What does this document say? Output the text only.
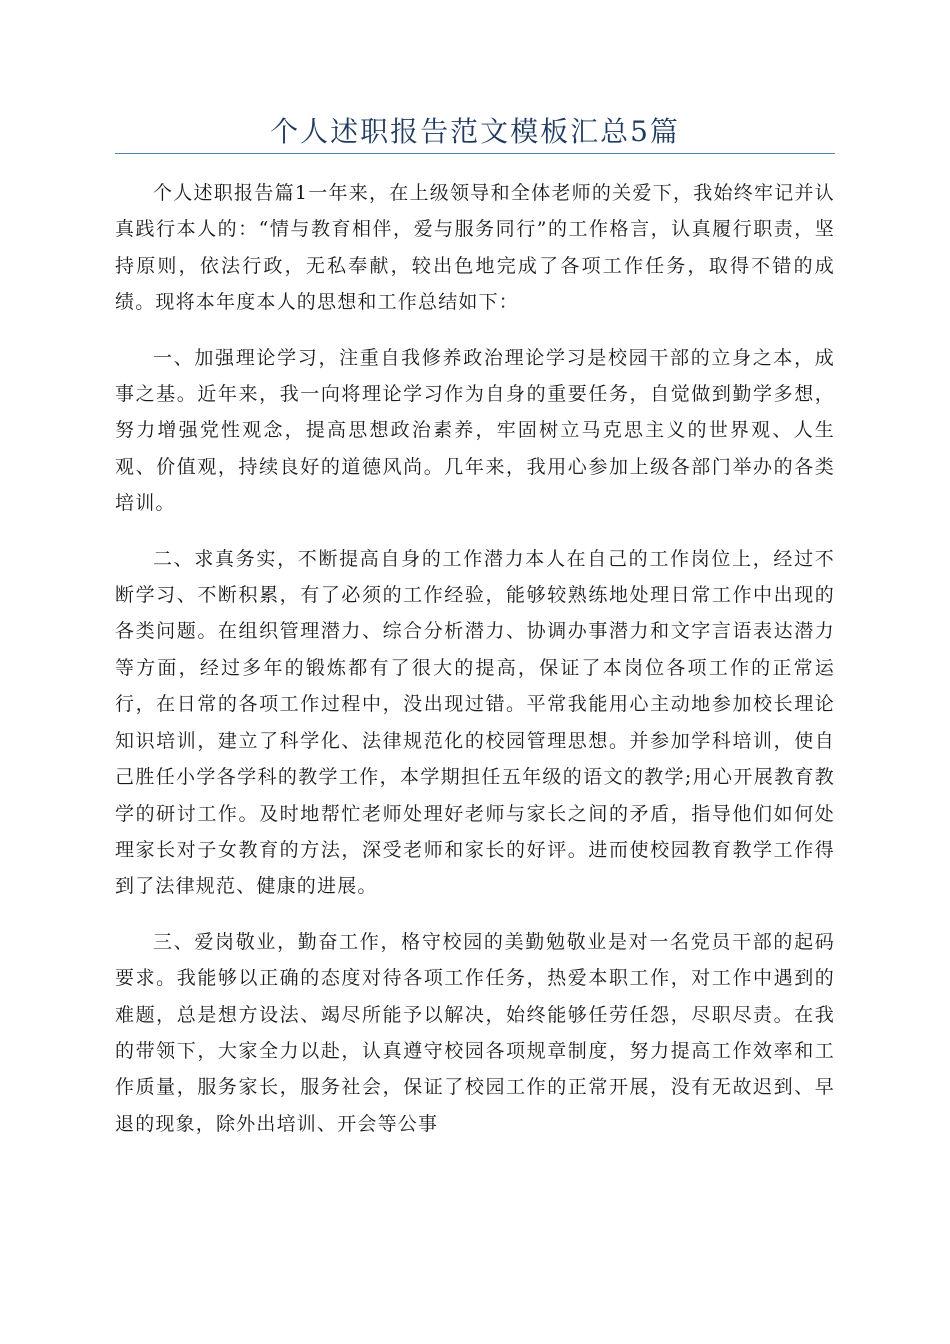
个人述职报告范文模板汇总5篇

个人述职报告篇1一年来，在上级领导和全体老师的关爱下，我始终牢记并认真践行本人的：“情与教育相伴，爱与服务同行”的工作格言，认真履行职责，坚持原则，依法行政，无私奉献，较出色地完成了各项工作任务，取得不错的成绩。现将本年度本人的思想和工作总结如下：

一、加强理论学习，注重自我修养政治理论学习是校园干部的立身之本，成事之基。近年来，我一向将理论学习作为自身的重要任务，自觉做到勤学多想，努力增强党性观念，提高思想政治素养，牢固树立马克思主义的世界观、人生观、价值观，持续良好的道德风尚。几年来，我用心参加上级各部门举办的各类培训。

二、求真务实，不断提高自身的工作潜力本人在自己的工作岗位上，经过不断学习、不断积累，有了必须的工作经验，能够较熟练地处理日常工作中出现的各类问题。在组织管理潜力、综合分析潜力、协调办事潜力和文字言语表达潜力等方面，经过多年的锻炼都有了很大的提高，保证了本岗位各项工作的正常运行，在日常的各项工作过程中，没出现过错。平常我能用心主动地参加校长理论知识培训，建立了科学化、法律规范化的校园管理思想。并参加学科培训，使自己胜任小学各学科的教学工作，本学期担任五年级的语文的教学;用心开展教育教学的研讨工作。及时地帮忙老师处理好老师与家长之间的矛盾，指导他们如何处理家长对子女教育的方法，深受老师和家长的好评。进而使校园教育教学工作得到了法律规范、健康的进展。

三、爱岗敬业，勤奋工作，格守校园的美勤勉敬业是对一名党员干部的起码要求。我能够以正确的态度对待各项工作任务，热爱本职工作，对工作中遇到的难题，总是想方设法、竭尽所能予以解决，始终能够任劳任怨，尽职尽责。在我的带领下，大家全力以赴，认真遵守校园各项规章制度，努力提高工作效率和工作质量，服务家长，服务社会，保证了校园工作的正常开展，没有无故迟到、早退的现象，除外出培训、开会等公事
